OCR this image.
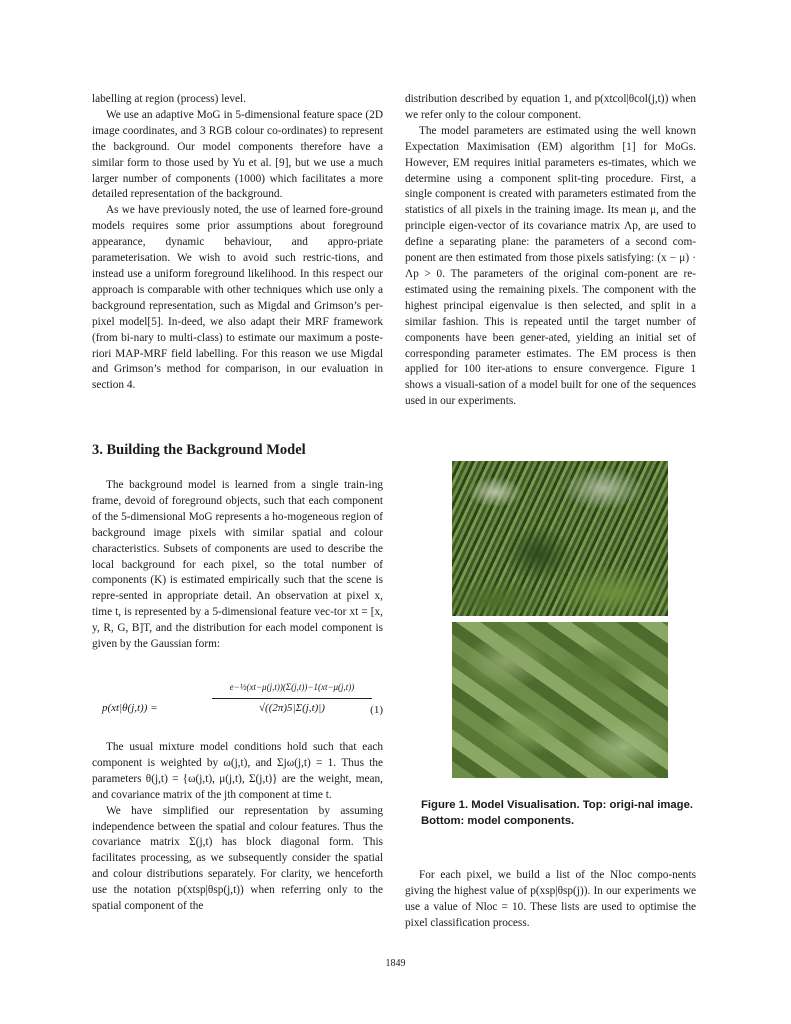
labelling at region (process) level.

We use an adaptive MoG in 5-dimensional feature space (2D image coordinates, and 3 RGB colour co-ordinates) to represent the background. Our model components therefore have a similar form to those used by Yu et al. [9], but we use a much larger number of components (1000) which facilitates a more detailed representation of the background.

As we have previously noted, the use of learned fore-ground models requires some prior assumptions about foreground appearance, dynamic behaviour, and appro-priate parameterisation. We wish to avoid such restric-tions, and instead use a uniform foreground likelihood. In this respect our approach is comparable with other techniques which use only a background representation, such as Migdal and Grimson’s per-pixel model[5]. In-deed, we also adapt their MRF framework (from bi-nary to multi-class) to estimate our maximum a poste-riori MAP-MRF field labelling. For this reason we use Migdal and Grimson’s method for comparison, in our evaluation in section 4.

3. Building the Background Model

The background model is learned from a single train-ing frame, devoid of foreground objects, such that each component of the 5-dimensional MoG represents a ho-mogeneous region of background image pixels with similar spatial and colour characteristics. Subsets of components are used to describe the local background for each pixel, so the total number of components (K) is estimated empirically such that the scene is repre-sented in appropriate detail. An observation at pixel x, time t, is represented by a 5-dimensional feature vec-tor xt = [x, y, R, G, B]T, and the distribution for each model component is given by the Gaussian form:

p(xt|θ(j,t)) =
e−½(xt−μ(j,t))(Σ(j,t))−1(xt−μ(j,t))
√((2π)5|Σ(j,t)|)	(1)

The usual mixture model conditions hold such that each component is weighted by ω(j,t), and Σjω(j,t) = 1. Thus the parameters θ(j,t) = {ω(j,t), μ(j,t), Σ(j,t)} are the weight, mean, and covariance matrix of the jth component at time t.

We have simplified our representation by assuming independence between the spatial and colour features. Thus the covariance matrix Σ(j,t) has block diagonal form. This facilitates processing, as we subsequently consider the spatial and colour distributions separately. For clarity, we henceforth use the notation p(xtsp|θsp(j,t)) when referring only to the spatial component of the

distribution described by equation 1, and p(xtcol|θcol(j,t)) when we refer only to the colour component.

The model parameters are estimated using the well known Expectation Maximisation (EM) algorithm [1] for MoGs. However, EM requires initial parameters es-timates, which we determine using a component split-ting procedure. First, a single component is created with parameters estimated from the statistics of all pixels in the training image. Its mean μ, and the principle eigen-vector of its covariance matrix Λp, are used to define a separating plane: the parameters of a second com-ponent are then estimated from those pixels satisfying: (x − μ) · Λp > 0. The parameters of the original com-ponent are re-estimated using the remaining pixels. The component with the highest principal eigenvalue is then selected, and split in a similar fashion. This is repeated until the target number of components have been gener-ated, yielding an initial set of corresponding parameter estimates. The EM process is then applied for 100 iter-ations to ensure convergence. Figure 1 shows a visuali-sation of a model built for one of the sequences used in our experiments.

Figure 1. Model Visualisation. Top: origi-nal image. Bottom: model components.

For each pixel, we build a list of the Nloc compo-nents giving the highest value of p(xsp|θsp(j)). In our experiments we use a value of Nloc = 10. These lists are used to optimise the pixel classification process.

1849
